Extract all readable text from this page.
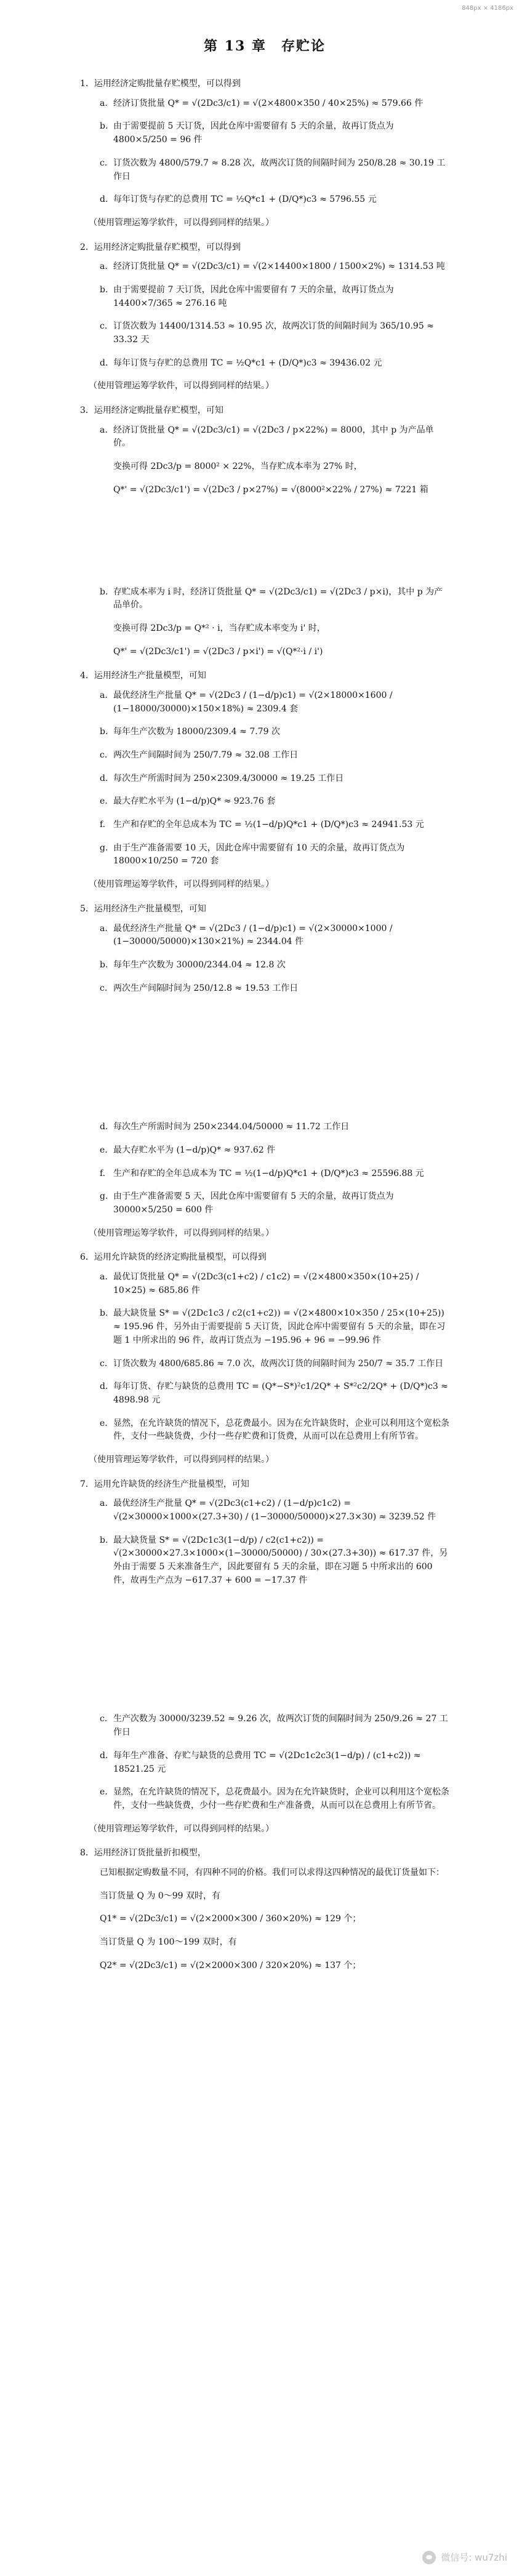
848px × 4186px
第 13 章　存贮论
1．运用经济定购批量存贮模型，可以得到
a. 经济订货批量 Q* = √(2Dc3/c1) = √(2×4800×350 / 40×25%) ≈ 579.66 件
b. 由于需要提前 5 天订货，因此仓库中需要留有 5 天的余量，故再订货点为 4800×5/250 = 96 件
c. 订货次数为 4800/579.7 ≈ 8.28 次，故两次订货的间隔时间为 250/8.28 ≈ 30.19 工作日
d. 每年订货与存贮的总费用 TC = ½Q*c1 + (D/Q*)c3 ≈ 5796.55 元
（使用管理运筹学软件，可以得到同样的结果。）
2．运用经济定购批量存贮模型，可以得到
a. 经济订货批量 Q* = √(2Dc3/c1) = √(2×14400×1800 / 1500×2%) ≈ 1314.53 吨
b. 由于需要提前 7 天订货，因此仓库中需要留有 7 天的余量，故再订货点为 14400×7/365 ≈ 276.16 吨
c. 订货次数为 14400/1314.53 ≈ 10.95 次，故两次订货的间隔时间为 365/10.95 ≈ 33.32 天
d. 每年订货与存贮的总费用 TC = ½Q*c1 + (D/Q*)c3 ≈ 39436.02 元
（使用管理运筹学软件，可以得到同样的结果。）
3．运用经济定购批量存贮模型，可知
a. 经济订货批量 Q* = √(2Dc3/c1) = √(2Dc3 / p×22%) = 8000，其中 p 为产品单价。
变换可得 2Dc3/p = 8000² × 22%，当存贮成本率为 27% 时，
Q*' = √(2Dc3/c1') = √(2Dc3 / p×27%) = √(8000²×22% / 27%) ≈ 7221 箱
b. 存贮成本率为 i 时，经济订货批量 Q* = √(2Dc3/c1) = √(2Dc3 / p×i)，其中 p 为产品单价。
变换可得 2Dc3/p = Q*² · i，当存贮成本率变为 i' 时，
Q*' = √(2Dc3/c1') = √(2Dc3 / p×i') = √(Q*²·i / i')
4．运用经济生产批量模型，可知
a. 最优经济生产批量 Q* = √(2Dc3 / (1−d/p)c1) = √(2×18000×1600 / (1−18000/30000)×150×18%) ≈ 2309.4 套
b. 每年生产次数为 18000/2309.4 ≈ 7.79 次
c. 两次生产间隔时间为 250/7.79 ≈ 32.08 工作日
d. 每次生产所需时间为 250×2309.4/30000 ≈ 19.25 工作日
e. 最大存贮水平为 (1−d/p)Q* ≈ 923.76 套
f. 生产和存贮的全年总成本为 TC = ½(1−d/p)Q*c1 + (D/Q*)c3 ≈ 24941.53 元
g. 由于生产准备需要 10 天，因此仓库中需要留有 10 天的余量，故再订货点为 18000×10/250 = 720 套
（使用管理运筹学软件，可以得到同样的结果。）
5．运用经济生产批量模型，可知
a. 最优经济生产批量 Q* = √(2Dc3 / (1−d/p)c1) = √(2×30000×1000 / (1−30000/50000)×130×21%) ≈ 2344.04 件
b. 每年生产次数为 30000/2344.04 ≈ 12.8 次
c. 两次生产间隔时间为 250/12.8 ≈ 19.53 工作日
d. 每次生产所需时间为 250×2344.04/50000 ≈ 11.72 工作日
e. 最大存贮水平为 (1−d/p)Q* ≈ 937.62 件
f. 生产和存贮的全年总成本为 TC = ½(1−d/p)Q*c1 + (D/Q*)c3 ≈ 25596.88 元
g. 由于生产准备需要 5 天，因此仓库中需要留有 5 天的余量，故再订货点为 30000×5/250 = 600 件
（使用管理运筹学软件，可以得到同样的结果。）
6．运用允许缺货的经济定购批量模型，可以得到
a. 最优订货批量 Q* = √(2Dc3(c1+c2) / c1c2) = √(2×4800×350×(10+25) / 10×25) ≈ 685.86 件
b. 最大缺货量 S* = √(2Dc1c3 / c2(c1+c2)) = √(2×4800×10×350 / 25×(10+25)) ≈ 195.96 件，另外由于需要提前 5 天订货，因此仓库中需要留有 5 天的余量，即在习题 1 中所求出的 96 件，故再订货点为 −195.96 + 96 = −99.96 件
c. 订货次数为 4800/685.86 ≈ 7.0 次，故两次订货的间隔时间为 250/7 ≈ 35.7 工作日
d. 每年订货、存贮与缺货的总费用 TC = (Q*−S*)²c1/2Q* + S*²c2/2Q* + (D/Q*)c3 ≈ 4898.98 元
e. 显然，在允许缺货的情况下，总花费最小。因为在允许缺货时，企业可以利用这个宽松条件，支付一些缺货费，少付一些存贮费和订货费，从而可以在总费用上有所节省。
（使用管理运筹学软件，可以得到同样的结果。）
7．运用允许缺货的经济生产批量模型，可知
a. 最优经济生产批量 Q* = √(2Dc3(c1+c2) / (1−d/p)c1c2) = √(2×30000×1000×(27.3+30) / (1−30000/50000)×27.3×30) ≈ 3239.52 件
b. 最大缺货量 S* = √(2Dc1c3(1−d/p) / c2(c1+c2)) = √(2×30000×27.3×1000×(1−30000/50000) / 30×(27.3+30)) ≈ 617.37 件，另外由于需要 5 天来准备生产，因此要留有 5 天的余量，即在习题 5 中所求出的 600 件，故再生产点为 −617.37 + 600 = −17.37 件
c. 生产次数为 30000/3239.52 ≈ 9.26 次，故两次订货的间隔时间为 250/9.26 ≈ 27 工作日
d. 每年生产准备、存贮与缺货的总费用 TC = √(2Dc1c2c3(1−d/p) / (c1+c2)) ≈ 18521.25 元
e. 显然，在允许缺货的情况下，总花费最小。因为在允许缺货时，企业可以利用这个宽松条件，支付一些缺货费，少付一些存贮费和生产准备费，从而可以在总费用上有所节省。
（使用管理运筹学软件，可以得到同样的结果。）
8．运用经济订货批量折扣模型，
已知根据定购数量不同，有四种不同的价格。我们可以求得这四种情况的最优订货量如下：
当订货量 Q 为 0～99 双时，有
Q1* = √(2Dc3/c1) = √(2×2000×300 / 360×20%) ≈ 129 个；
当订货量 Q 为 100～199 双时，有
Q2* = √(2Dc3/c1) = √(2×2000×300 / 320×20%) ≈ 137 个；
微信号: wu7zhi
